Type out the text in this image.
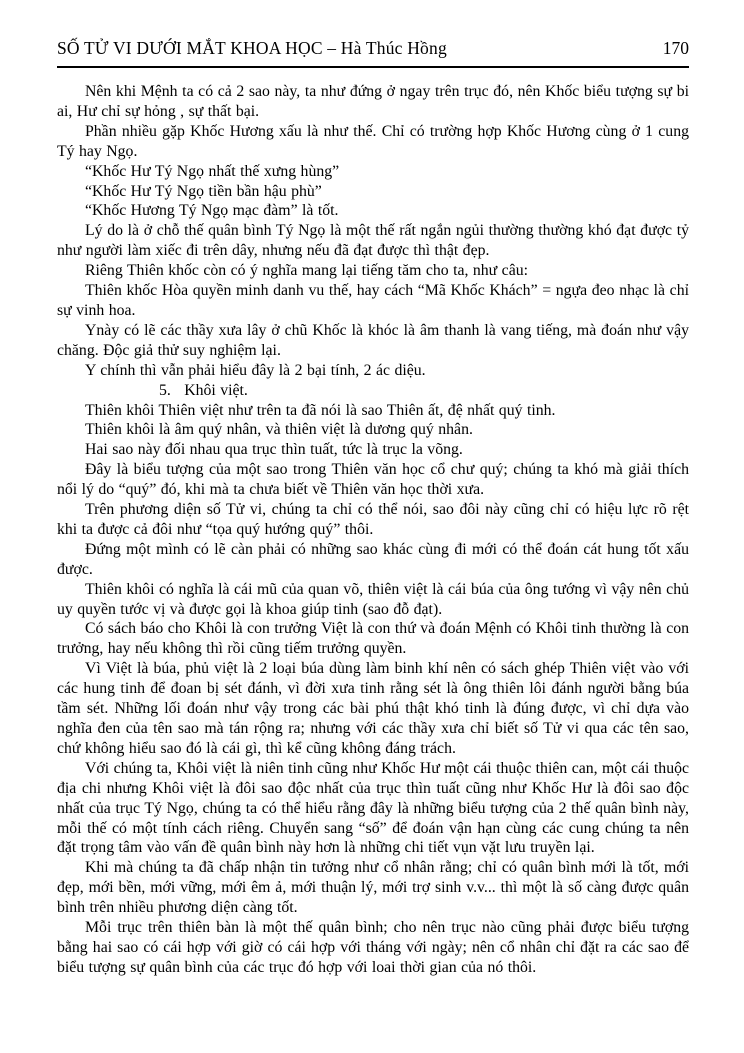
SỐ TỬ VI DƯỚI MẮT KHOA HỌC – Hà Thúc Hồng	170

Nên khi Mệnh ta có cả 2 sao này, ta như đứng ở ngay trên trục đó, nên Khốc biểu tượng sự bi ai, Hư chỉ sự hỏng , sự thất bại.

Phần nhiều gặp Khốc Hương xấu là như thế. Chỉ có trường hợp Khốc Hương cùng ở 1 cung Tý hay Ngọ.

“Khốc Hư Tý Ngọ nhất thế xưng hùng”

“Khốc Hư Tý Ngọ tiền bần hậu phù”

“Khốc Hương Tý Ngọ mạc đàm” là tốt.

Lý do là ở chỗ thế quân bình Tý Ngọ là một thế rất ngắn ngủi thường thường khó đạt được tỷ như người làm xiếc đi trên dây, nhưng nếu đã đạt được thì thật đẹp.

Riêng Thiên khốc còn có ý nghĩa mang lại tiếng tăm cho ta, như câu:

Thiên khốc Hòa quyền minh danh vu thế, hay cách “Mã Khốc Khách” = ngựa đeo nhạc là chỉ sự vinh hoa.

Ynày có lẽ các thầy xưa lây ở chũ Khốc là khóc là âm thanh là vang tiếng, mà đoán như vậy chăng. Độc giả thử suy nghiệm lại.

Y chính thì vẫn phải hiểu đây là 2 bại tính, 2 ác diệu.

5.   Khôi việt.

Thiên khôi Thiên việt như trên ta đã nói là sao Thiên ất, đệ nhất quý tinh.

Thiên khôi là âm quý nhân, và thiên việt là dương quý nhân.

Hai sao này đối nhau qua trục thìn tuất, tức là trục la võng.

Đây là biểu tượng của một sao trong Thiên văn học cổ chư quý; chúng ta khó mà giải thích nổi lý do “quý” đó, khi mà ta chưa biết về Thiên văn học thời xưa.

Trên phương diện số Tử vi, chúng ta chỉ có thể nói, sao đôi này cũng chỉ có hiệu lực rõ rệt khi ta được cả đôi như “tọa quý hướng quý” thôi.

Đứng một mình có lẽ càn phải có những sao khác cùng đi mới có thể đoán cát hung tốt xấu được.

Thiên khôi có nghĩa là cái mũ của quan võ, thiên việt là cái búa của ông tướng vì vậy nên chủ uy quyền tước vị và được gọi là khoa giúp tinh (sao đỗ đạt).

Có sách báo cho Khôi là con trưởng Việt là con thứ và đoán Mệnh có Khôi tinh thường là con trưởng, hay nếu không thì rồi cũng tiếm trưởng quyền.

Vì Việt là búa, phủ việt là 2 loại búa dùng làm binh khí nên có sách ghép Thiên việt vào với các hung tinh để đoan bị sét đánh, vì đời xưa tinh rằng sét là ông thiên lôi đánh người bằng búa tầm sét. Những lối đoán như vậy trong các bài phú thật khó tinh là đúng được, vì chỉ dựa vào nghĩa đen của tên sao mà tán rộng ra; nhưng với các thầy xưa chỉ biết số Tử vi qua các tên sao, chứ không hiểu sao đó là cái gì, thì kể cũng không đáng trách.

Với chúng ta, Khôi việt là niên tinh cũng như Khốc Hư một cái thuộc thiên can, một cái thuộc địa chi nhưng Khôi việt là đôi sao độc nhất của trục thìn tuất cũng như Khốc Hư là đôi sao độc nhất của trục Tý Ngọ, chúng ta có thể hiểu rằng đây là những biểu tượng của 2 thế quân bình này, mỗi thế có một tính cách riêng. Chuyển sang “số” để đoán vận hạn cùng các cung chúng ta nên đặt trọng tâm vào vấn đề quân bình này hơn là những chi tiết vụn vặt lưu truyền lại.

Khi mà chúng ta đã chấp nhận tin tưởng như cổ nhân rằng; chỉ có quân bình mới là tốt, mới đẹp, mới bền, mới vững, mới êm ả, mới thuận lý, mới trợ sinh v.v... thì một là số càng được quân bình trên nhiều phương diện càng tốt.

Mỗi trục trên thiên bàn là một thế quân bình; cho nên trục nào cũng phải được biểu tượng bằng hai sao có cái hợp với giờ có cái hợp với tháng với ngày; nên cổ nhân chỉ đặt ra các sao để biểu tượng sự quân bình của các trục đó hợp với loai thời gian của nó thôi.
